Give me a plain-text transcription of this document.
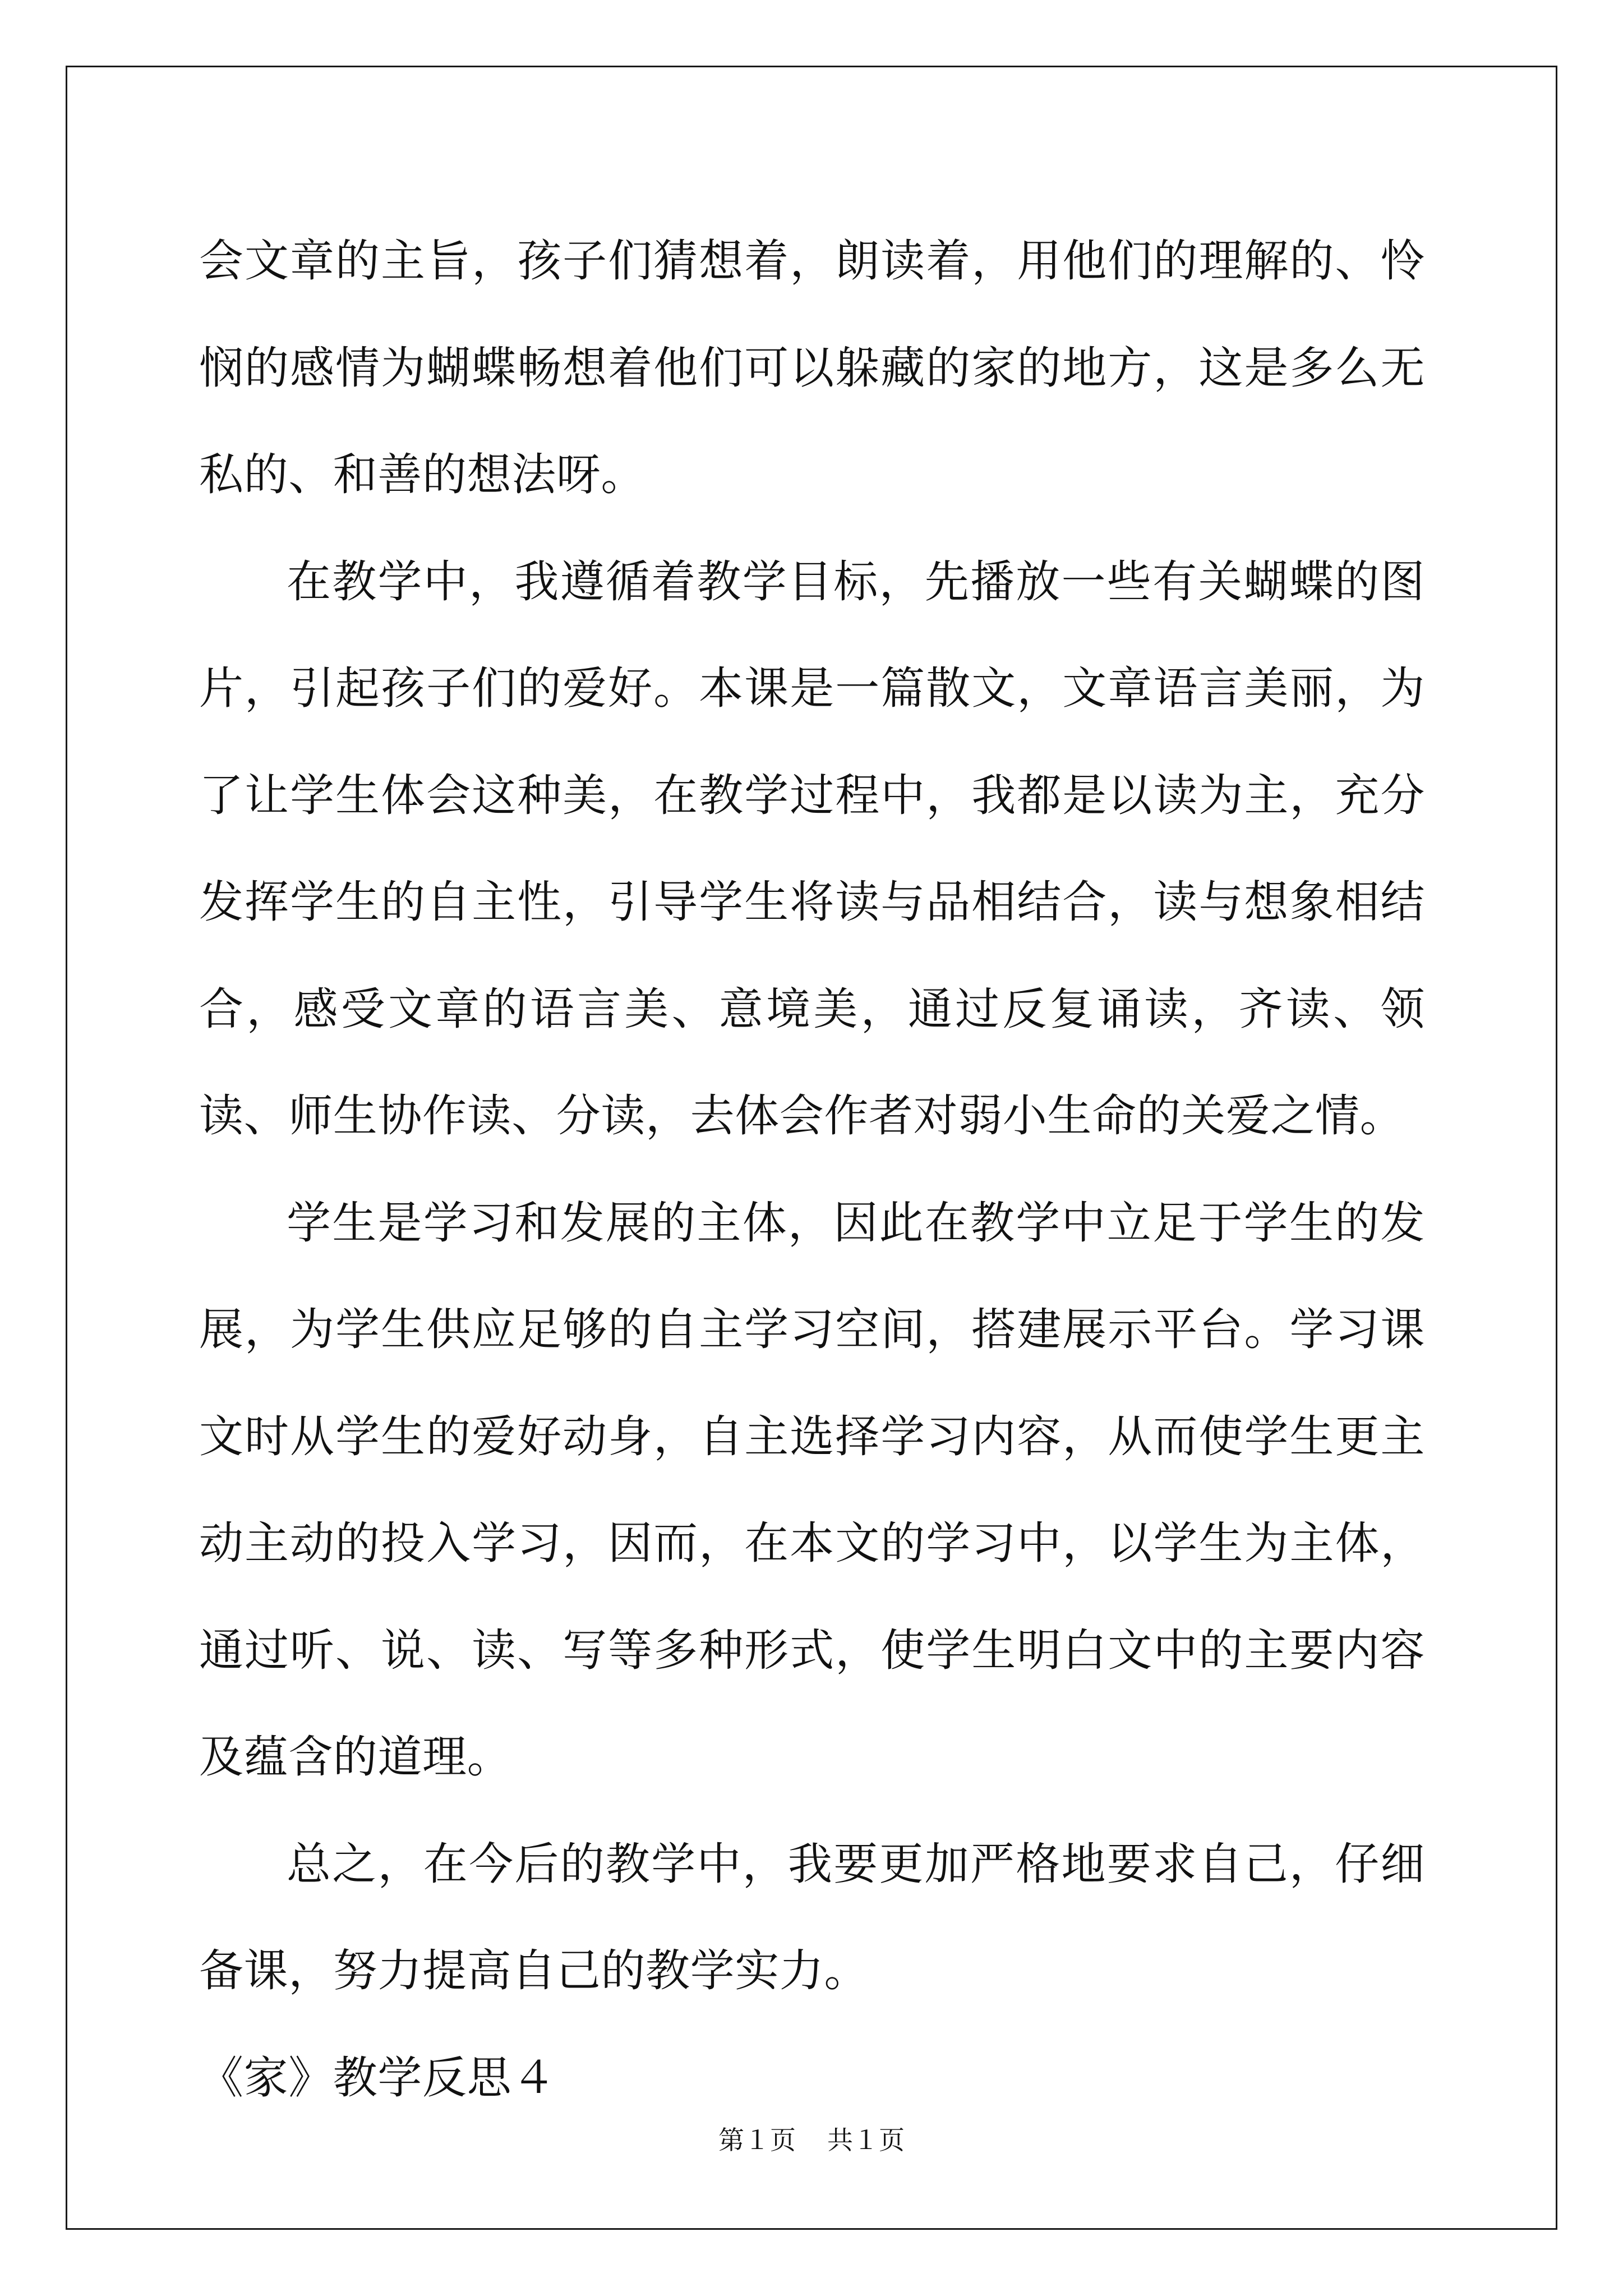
会文章的主旨，孩子们猜想着，朗读着，用他们的理解的、怜悯的感情为蝴蝶畅想着他们可以躲藏的家的地方，这是多么无私的、和善的想法呀。

在教学中，我遵循着教学目标，先播放一些有关蝴蝶的图片，引起孩子们的爱好。本课是一篇散文，文章语言美丽，为了让学生体会这种美，在教学过程中，我都是以读为主，充分发挥学生的自主性，引导学生将读与品相结合，读与想象相结合，感受文章的语言美、意境美，通过反复诵读，齐读、领读、师生协作读、分读，去体会作者对弱小生命的关爱之情。

学生是学习和发展的主体，因此在教学中立足于学生的发展，为学生供应足够的自主学习空间，搭建展示平台。学习课文时从学生的爱好动身，自主选择学习内容，从而使学生更主动主动的投入学习，因而，在本文的学习中，以学生为主体，通过听、说、读、写等多种形式，使学生明白文中的主要内容及蕴含的道理。

总之，在今后的教学中，我要更加严格地要求自己，仔细备课，努力提高自己的教学实力。

《家》教学反思４

第１页 共１页
